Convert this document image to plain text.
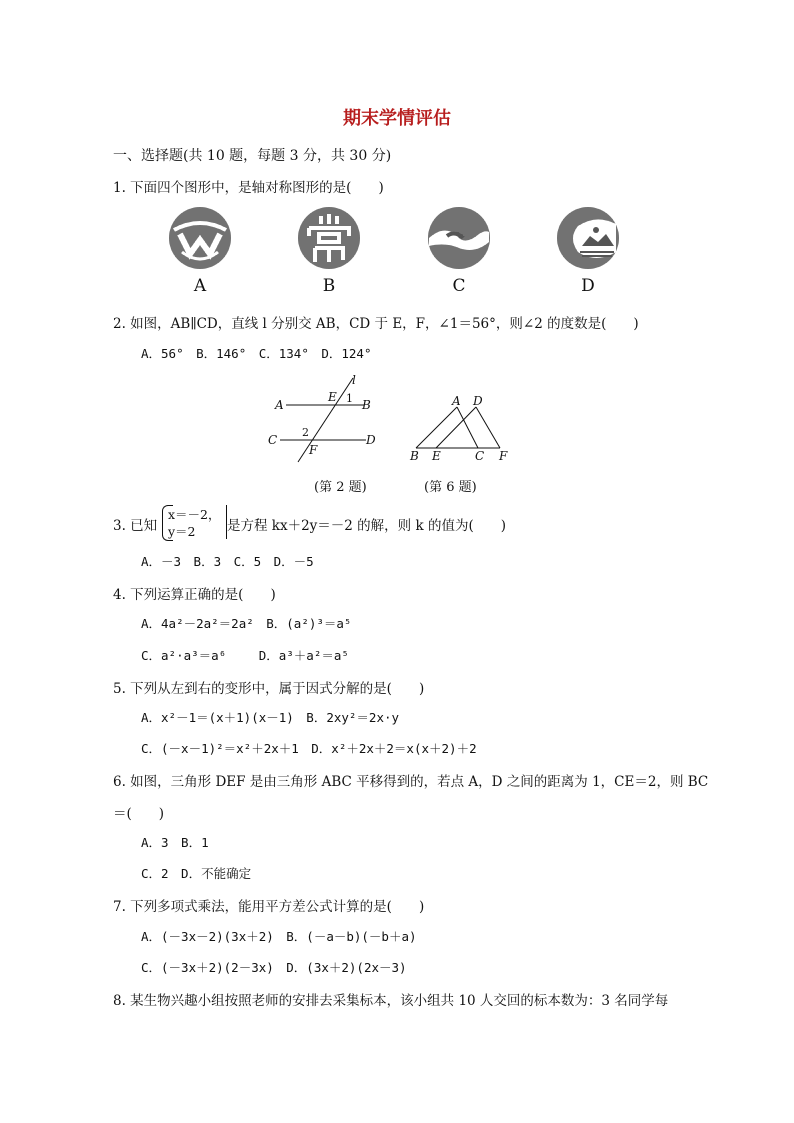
期末学情评估
一、选择题(共 10 题，每题 3 分，共 30 分)
1. 下面四个图形中，是轴对称图形的是(　　)
A	B	C	D
2. 如图，AB∥CD，直线 l 分别交 AB，CD 于 E，F，∠1＝56°，则∠2 的度数是(　　)
A．56°　B．146°　C．134°　D．124°
A	B
C	D
E
F
l
1
2
A D
B E	C F
(第 2 题)	(第 6 题)
3. 已知
x＝－2，
y＝2 是方程 kx＋2y＝－2 的解，则 k 的值为(　　)
A．－3　B．3　C．5　D．－5
4. 下列运算正确的是(　　)
A．4a²－2a²＝2a²　B．(a²)³＝a⁵
C．a²·a³＝a⁶　　 D．a³＋a²＝a⁵
5. 下列从左到右的变形中，属于因式分解的是(　　)
A．x²－1＝(x＋1)(x－1)　B．2xy²＝2x·y
C．(－x－1)²＝x²＋2x＋1　D．x²＋2x＋2＝x(x＋2)＋2
6. 如图，三角形 DEF 是由三角形 ABC 平移得到的，若点 A，D 之间的距离为 1，CE＝2，则 BC
＝(　　)
A．3　B．1
C．2　D．不能确定
7. 下列多项式乘法，能用平方差公式计算的是(　　)
A．(－3x－2)(3x＋2)　B．(－a－b)(－b＋a)
C．(－3x＋2)(2－3x)　D．(3x＋2)(2x－3)
8. 某生物兴趣小组按照老师的安排去采集标本，该小组共 10 人交回的标本数为：3 名同学每
